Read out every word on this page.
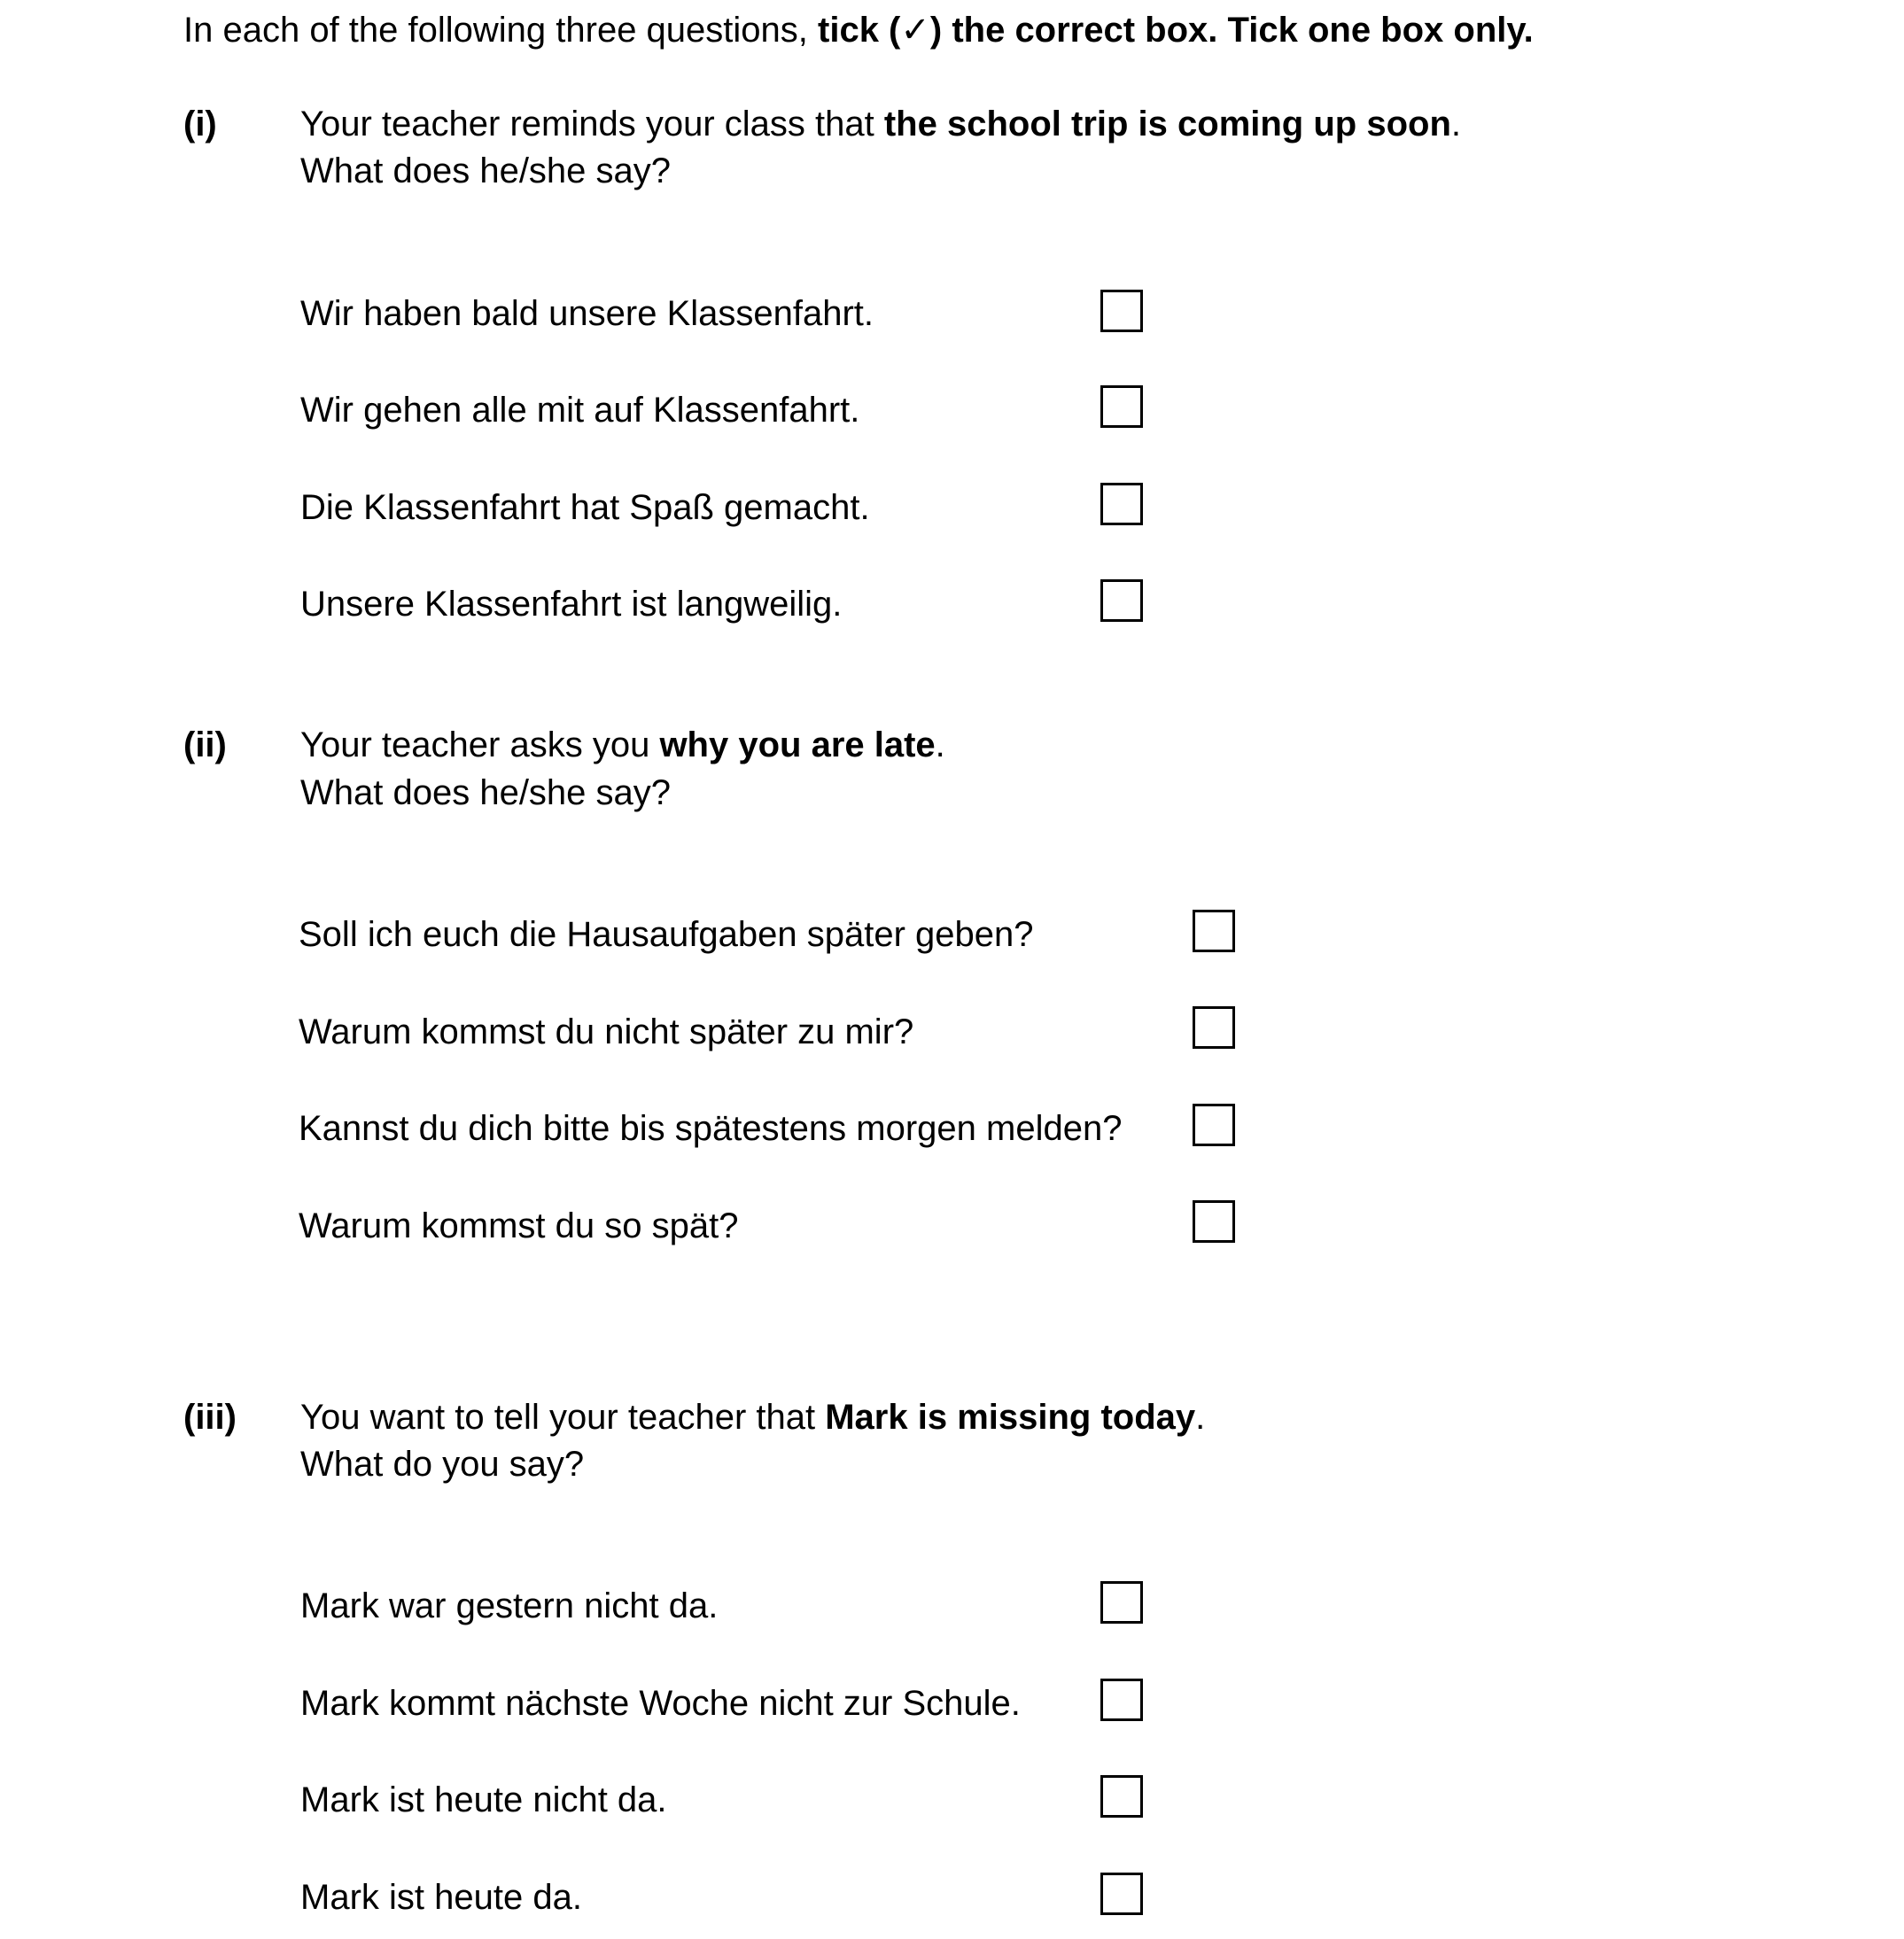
In each of the following three questions, tick (✓) the correct box. Tick one box only.

(i) Your teacher reminds your class that the school trip is coming up soon.

What does he/she say?

Wir haben bald unsere Klassenfahrt.

Wir gehen alle mit auf Klassenfahrt.

Die Klassenfahrt hat Spaß gemacht.

Unsere Klassenfahrt ist langweilig.

(ii) Your teacher asks you why you are late.

What does he/she say?

Soll ich euch die Hausaufgaben später geben?

Warum kommst du nicht später zu mir?

Kannst du dich bitte bis spätestens morgen melden?

Warum kommst du so spät?

(iii) You want to tell your teacher that Mark is missing today.

What do you say?

Mark war gestern nicht da.

Mark kommt nächste Woche nicht zur Schule.

Mark ist heute nicht da.

Mark ist heute da.
